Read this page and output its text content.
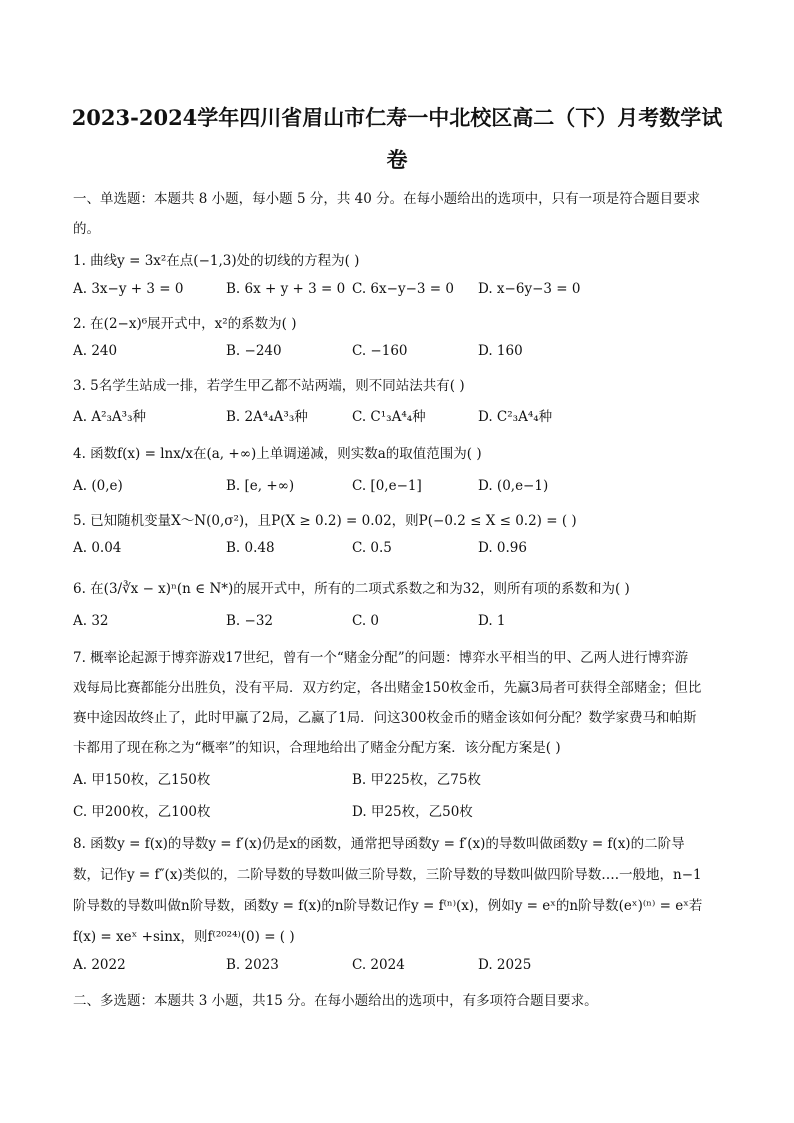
2023-2024学年四川省眉山市仁寿一中北校区高二（下）月考数学试
卷
一、单选题：本题共 8 小题，每小题 5 分，共 40 分。在每小题给出的选项中，只有一项是符合题目要求
的。
1. 曲线y = 3x²在点(−1,3)处的切线的方程为( )
A. 3x−y + 3 = 0	B. 6x + y + 3 = 0 C. 6x−y−3 = 0 D. x−6y−3 = 0
2. 在(2−x)⁶展开式中，x²的系数为( )
A. 240	B. −240	C. −160	D. 160
3. 5名学生站成一排，若学生甲乙都不站两端，则不同站法共有( )
A. A²₃A³₃种	B. 2A⁴₄A³₃种	C. C¹₃A⁴₄种	D. C²₃A⁴₄种
4. 函数f(x) = lnx/x在(a, +∞)上单调递减，则实数a的取值范围为( )
A. (0,e)	B. [e, +∞)	C. [0,e−1]	D. (0,e−1)
5. 已知随机变量X～N(0,σ²)，且P(X ≥ 0.2) = 0.02，则P(−0.2 ≤ X ≤ 0.2) = ( )
A. 0.04	B. 0.48	C. 0.5	D. 0.96
6. 在(3/∛x − x)ⁿ(n ∈ N*)的展开式中，所有的二项式系数之和为32，则所有项的系数和为( )
A. 32	B. −32	C. 0	D. 1
7. 概率论起源于博弈游戏17世纪，曾有一个“赌金分配”的问题：博弈水平相当的甲、乙两人进行博弈游
戏每局比赛都能分出胜负，没有平局．双方约定，各出赌金150枚金币，先赢3局者可获得全部赌金；但比
赛中途因故终止了，此时甲赢了2局，乙赢了1局．问这300枚金币的赌金该如何分配？数学家费马和帕斯
卡都用了现在称之为“概率”的知识，合理地给出了赌金分配方案．该分配方案是( )
A. 甲150枚，乙150枚	B. 甲225枚，乙75枚
C. 甲200枚，乙100枚	D. 甲25枚，乙50枚
8. 函数y = f(x)的导数y = f′(x)仍是x的函数，通常把导函数y = f′(x)的导数叫做函数y = f(x)的二阶导
数，记作y = f″(x)类似的，二阶导数的导数叫做三阶导数，三阶导数的导数叫做四阶导数….一般地，n−1
阶导数的导数叫做n阶导数，函数y = f(x)的n阶导数记作y = f⁽ⁿ⁾(x)，例如y = eˣ的n阶导数(eˣ)⁽ⁿ⁾ = eˣ若
f(x) = xeˣ +sinx，则f⁽²⁰²⁴⁾(0) = ( )
A. 2022	B. 2023	C. 2024	D. 2025
二、多选题：本题共 3 小题，共15 分。在每小题给出的选项中，有多项符合题目要求。
